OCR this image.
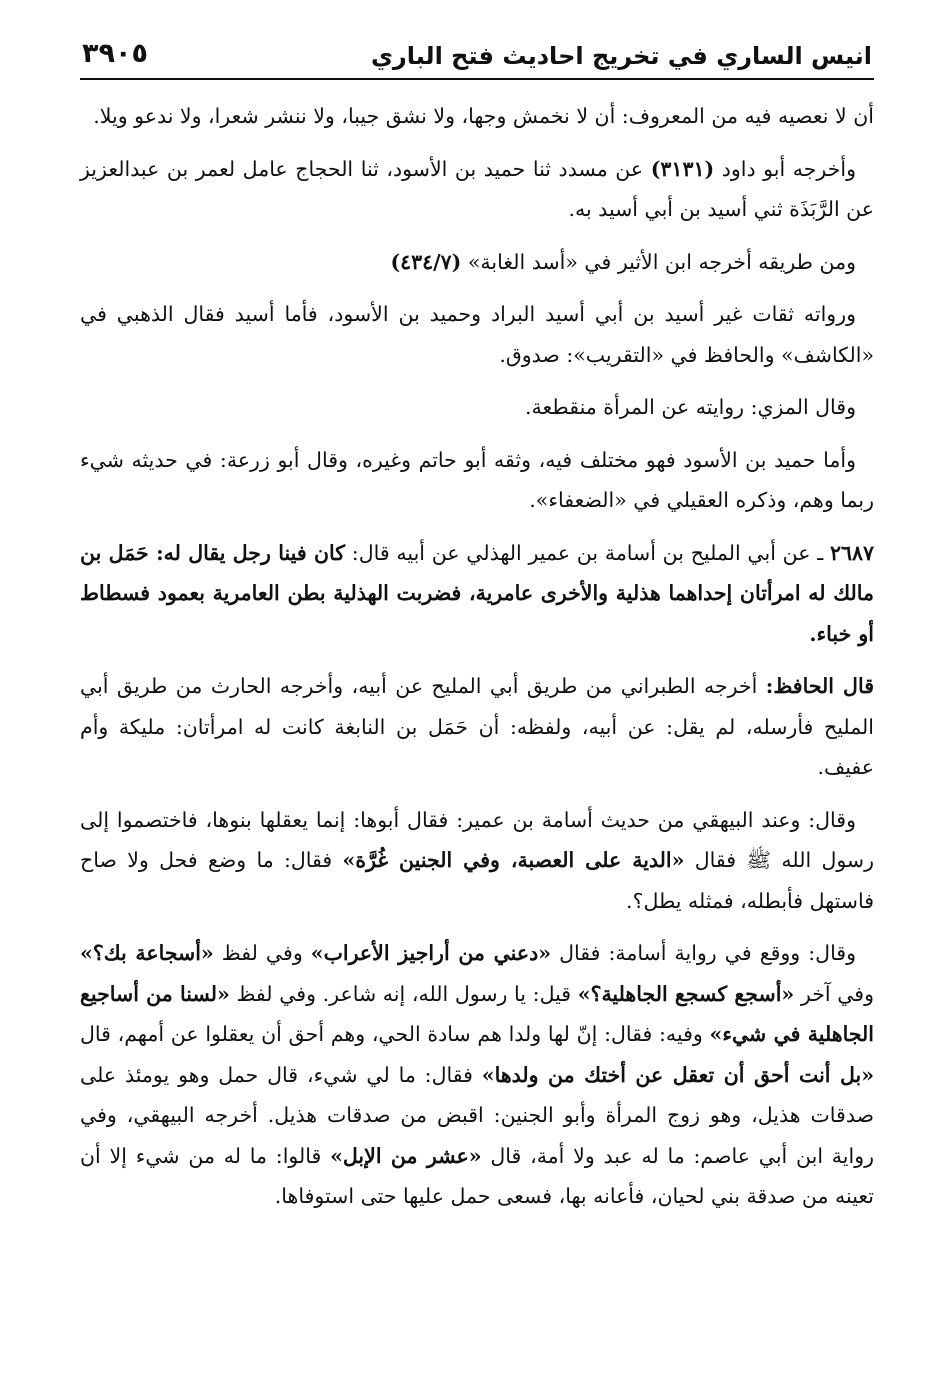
انيس الساري في تخريج احاديث فتح الباري
٣٩٠٥

أن لا نعصيه فيه من المعروف: أن لا نخمش وجها، ولا نشق جيبا، ولا ننشر شعرا، ولا ندعو ويلا.

وأخرجه أبو داود (٣١٣١) عن مسدد ثنا حميد بن الأسود، ثنا الحجاج عامل لعمر بن عبدالعزيز عن الرَّبَذَة ثني أسيد بن أبي أسيد به.

ومن طريقه أخرجه ابن الأثير في «أسد الغابة» (٤٣٤/٧)

ورواته ثقات غير أسيد بن أبي أسيد البراد وحميد بن الأسود، فأما أسيد فقال الذهبي في «الكاشف» والحافظ في «التقريب»: صدوق.

وقال المزي: روايته عن المرأة منقطعة.

وأما حميد بن الأسود فهو مختلف فيه، وثقه أبو حاتم وغيره، وقال أبو زرعة: في حديثه شيء ربما وهم، وذكره العقيلي في «الضعفاء».

٢٦٨٧ ـ عن أبي المليح بن أسامة بن عمير الهذلي عن أبيه قال: كان فينا رجل يقال له: حَمَل بن مالك له امرأتان إحداهما هذلية والأخرى عامرية، فضربت الهذلية بطن العامرية بعمود فسطاط أو خباء.

قال الحافظ: أخرجه الطبراني من طريق أبي المليح عن أبيه، وأخرجه الحارث من طريق أبي المليح فأرسله، لم يقل: عن أبيه، ولفظه: أن حَمَل بن النابغة كانت له امرأتان: مليكة وأم عفيف.

وقال: وعند البيهقي من حديث أسامة بن عمير: فقال أبوها: إنما يعقلها بنوها، فاختصموا إلى رسول الله ﷺ فقال «الدية على العصبة، وفي الجنين غُرَّة» فقال: ما وضع فحل ولا صاح فاستهل فأبطله، فمثله يطل؟.

وقال: ووقع في رواية أسامة: فقال «دعني من أراجيز الأعراب» وفي لفظ «أسجاعة بك؟» وفي آخر «أسجع كسجع الجاهلية؟» قيل: يا رسول الله، إنه شاعر. وفي لفظ «لسنا من أساجيع الجاهلية في شيء» وفيه: فقال: إنّ لها ولدا هم سادة الحي، وهم أحق أن يعقلوا عن أمهم، قال «بل أنت أحق أن تعقل عن أختك من ولدها» فقال: ما لي شيء، قال حمل وهو يومئذ على صدقات هذيل، وهو زوج المرأة وأبو الجنين: اقبض من صدقات هذيل. أخرجه البيهقي، وفي رواية ابن أبي عاصم: ما له عبد ولا أمة، قال «عشر من الإبل» قالوا: ما له من شيء إلا أن تعينه من صدقة بني لحيان، فأعانه بها، فسعى حمل عليها حتى استوفاها.
